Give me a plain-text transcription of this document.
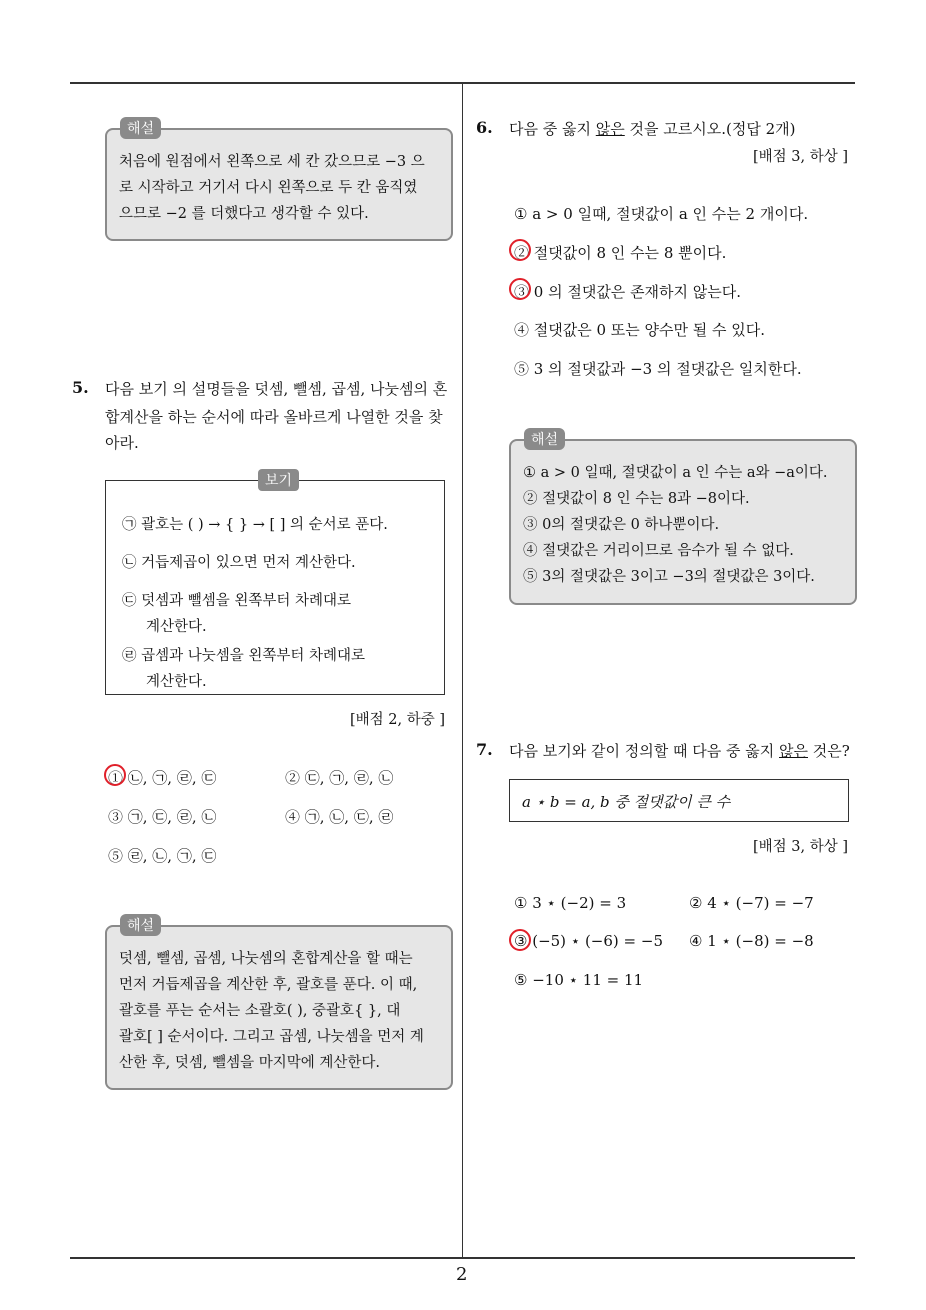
2
처음에 원점에서 왼쪽으로 세 칸 갔으므로 −3 으
로 시작하고 거기서 다시 왼쪽으로 두 칸 움직였
으므로 −2 를 더했다고 생각할 수 있다.
해설
5. 다음 보기 의 설명들을 덧셈, 뺄셈, 곱셈, 나눗셈의 혼
합계산을 하는 순서에 따라 올바르게 나열한 것을 찾
아라.
㉠ 괄호는 ( ) → { } → [ ] 의 순서로 푼다.
㉡ 거듭제곱이 있으면 먼저 계산한다.
㉢ 덧셈과 뺄셈을 왼쪽부터 차례대로
계산한다.
㉣ 곱셈과 나눗셈을 왼쪽부터 차례대로
계산한다.
보기
[배점 2, 하중 ]
① ㉡, ㉠, ㉣, ㉢	② ㉢, ㉠, ㉣, ㉡
③ ㉠, ㉢, ㉣, ㉡	④ ㉠, ㉡, ㉢, ㉣
⑤ ㉣, ㉡, ㉠, ㉢
덧셈, 뺄셈, 곱셈, 나눗셈의 혼합계산을 할 때는
먼저 거듭제곱을 계산한 후, 괄호를 푼다. 이 때,
괄호를 푸는 순서는 소괄호( ), 중괄호{ }, 대
괄호[ ] 순서이다. 그리고 곱셈, 나눗셈을 먼저 계
산한 후, 덧셈, 뺄셈을 마지막에 계산한다.
해설
6. 다음 중 옳지 않은 것을 고르시오.(정답 2개)
[배점 3, 하상 ]
① a > 0 일때, 절댓값이 a 인 수는 2 개이다.
② 절댓값이 8 인 수는 8 뿐이다.
③ 0 의 절댓값은 존재하지 않는다.
④ 절댓값은 0 또는 양수만 될 수 있다.
⑤ 3 의 절댓값과 −3 의 절댓값은 일치한다.
① a > 0 일때, 절댓값이 a 인 수는 a와 −a이다.
② 절댓값이 8 인 수는 8과 −8이다.
③ 0의 절댓값은 0 하나뿐이다.
④ 절댓값은 거리이므로 음수가 될 수 없다.
⑤ 3의 절댓값은 3이고 −3의 절댓값은 3이다.
해설
7. 다음 보기와 같이 정의할 때 다음 중 옳지 않은 것은?
a ⋆ b = a, b 중 절댓값이 큰 수
[배점 3, 하상 ]
① 3 ⋆ (−2) = 3	② 4 ⋆ (−7) = −7
③ (−5) ⋆ (−6) = −5 ④ 1 ⋆ (−8) = −8
⑤ −10 ⋆ 11 = 11
